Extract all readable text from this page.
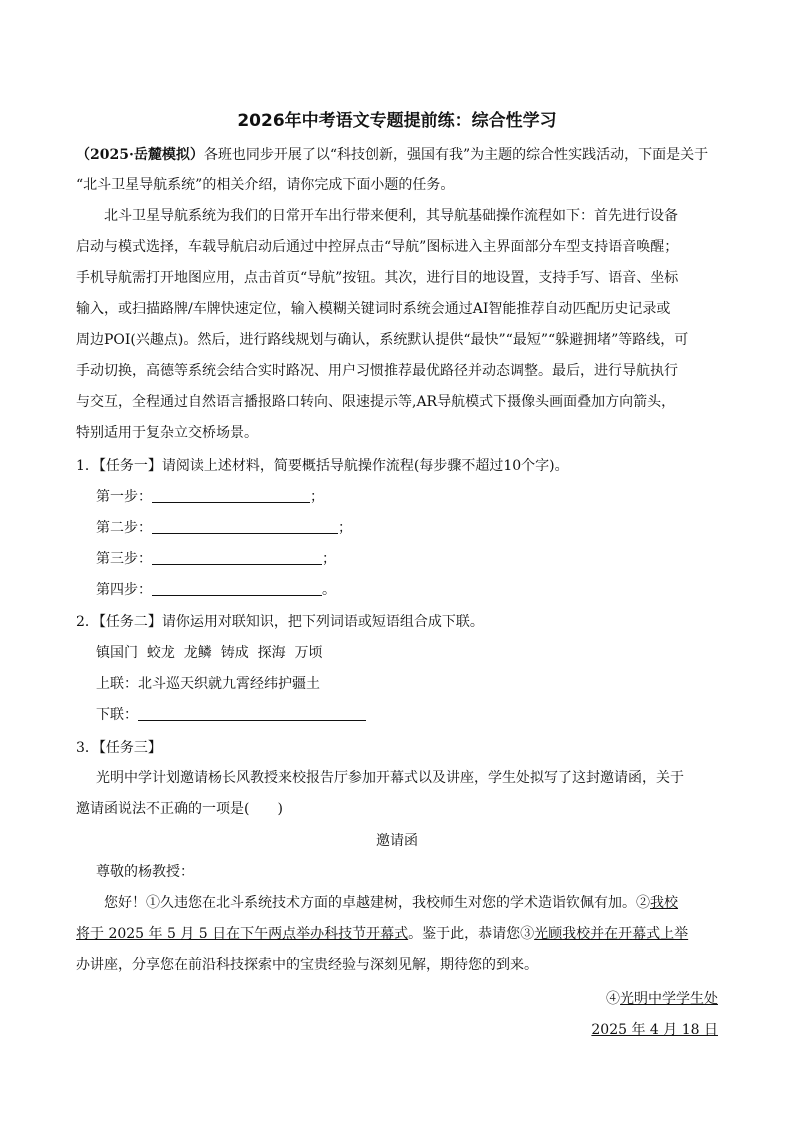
2026年中考语文专题提前练：综合性学习
（2025·岳麓模拟）各班也同步开展了以“科技创新，强国有我”为主题的综合性实践活动，下面是关于
“北斗卫星导航系统”的相关介绍，请你完成下面小题的任务。
北斗卫星导航系统为我们的日常开车出行带来便利，其导航基础操作流程如下：首先进行设备
启动与模式选择，车载导航启动后通过中控屏点击“导航”图标进入主界面部分车型支持语音唤醒；
手机导航需打开地图应用，点击首页“导航”按钮。其次，进行目的地设置，支持手写、语音、坐标
输入，或扫描路牌/车牌快速定位，输入模糊关键词时系统会通过AI智能推荐自动匹配历史记录或
周边POI(兴趣点)。然后，进行路线规划与确认，系统默认提供“最快”“最短”“躲避拥堵”等路线，可
手动切换，高德等系统会结合实时路况、用户习惯推荐最优路径并动态调整。最后，进行导航执行
与交互，全程通过自然语言播报路口转向、限速提示等,AR导航模式下摄像头画面叠加方向箭头，
特别适用于复杂立交桥场景。
1．【任务一】请阅读上述材料，简要概括导航操作流程(每步骤不超过10个字)。
第一步：	；
第二步：	；
第三步：	；
第四步：	。
2．【任务二】请你运用对联知识，把下列词语或短语组合成下联。
镇国门  蛟龙  龙鳞  铸成  探海  万顷
上联：北斗巡天织就九霄经纬护疆土
下联：
3．【任务三】
光明中学计划邀请杨长风教授来校报告厅参加开幕式以及讲座，学生处拟写了这封邀请函，关于
邀请函说法不正确的一项是(　　)
邀请函
尊敬的杨教授：
您好！①久违您在北斗系统技术方面的卓越建树，我校师生对您的学术造诣钦佩有加。②我校
将于 2025 年 5 月 5 日在下午两点举办科技节开幕式。鉴于此，恭请您③光顾我校并在开幕式上举
办讲座，分享您在前沿科技探索中的宝贵经验与深刻见解，期待您的到来。
④光明中学学生处
2025 年 4 月 18 日
